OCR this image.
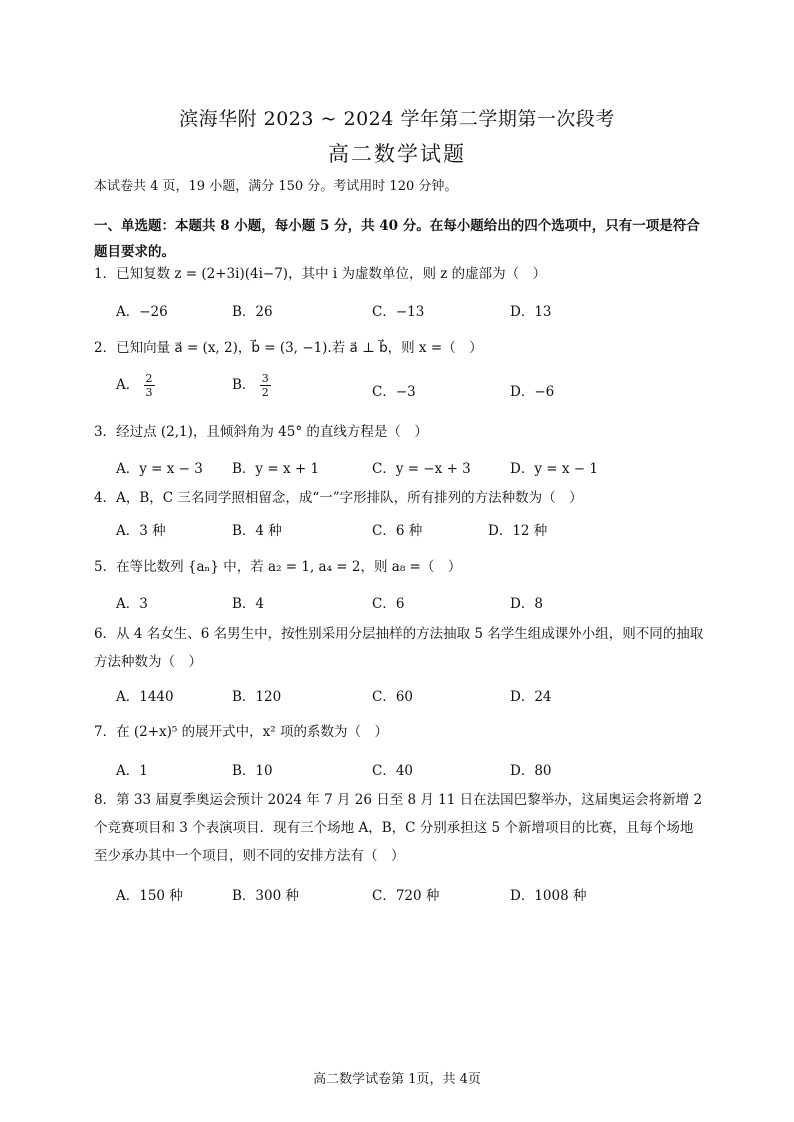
滨海华附 2023 ~ 2024 学年第二学期第一次段考
高二数学试题
本试卷共 4 页，19 小题，满分 150 分。考试用时 120 分钟。
一、单选题：本题共 8 小题，每小题 5 分，共 40 分。在每小题给出的四个选项中，只有一项是符合题目要求的。
1．已知复数 z = (2+3i)(4i−7)，其中 i 为虚数单位，则 z 的虚部为（　）
A．−26	B．26	C．−13	D．13
2．已知向量 a⃗ = (x, 2)，b⃗ = (3, −1).若 a⃗ ⊥ b⃗，则 x =（　）
A． $\frac{2}{3}$	B． $\frac{3}{2}$	C．−3	D．−6
3．经过点 (2,1)，且倾斜角为 45° 的直线方程是（　）
A．y = x − 3 B．y = x + 1	C．y = −x + 3	D．y = x − 1
4．A，B，C 三名同学照相留念，成“一”字形排队，所有排列的方法种数为（　）
A．3 种	B．4 种	C．6 种	D．12 种
5．在等比数列 {aₙ} 中，若 a₂ = 1, a₄ = 2，则 a₈ =（　）
A．3	B．4	C．6	D．8
6．从 4 名女生、6 名男生中，按性别采用分层抽样的方法抽取 5 名学生组成课外小组，则不同的抽取方法种数为（　）
A．1440	B．120	C．60	D．24
7．在 (2+x)⁵ 的展开式中，x² 项的系数为（　）
A．1	B．10	C．40	D．80
8．第 33 届夏季奥运会预计 2024 年 7 月 26 日至 8 月 11 日在法国巴黎举办，这届奥运会将新增 2 个竞赛项目和 3 个表演项目．现有三个场地 A，B，C 分别承担这 5 个新增项目的比赛，且每个场地至少承办其中一个项目，则不同的安排方法有（　）
A．150 种	B．300 种	C．720 种	D．1008 种
高二数学试卷第 1页，共 4页
